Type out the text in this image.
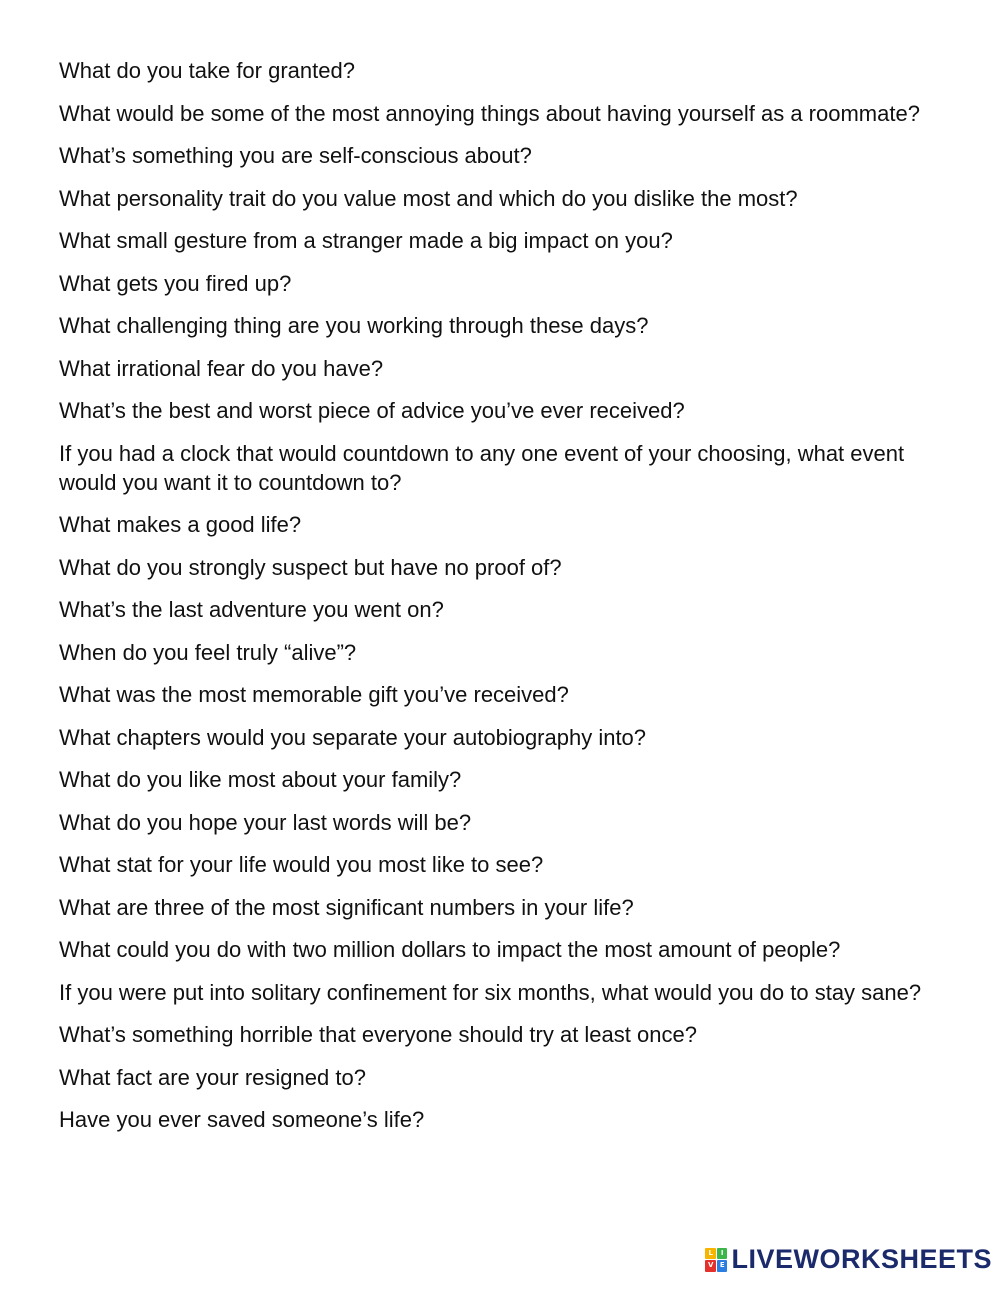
What do you take for granted?
What would be some of the most annoying things about having yourself as a roommate?
What’s something you are self-conscious about?
What personality trait do you value most and which do you dislike the most?
What small gesture from a stranger made a big impact on you?
What gets you fired up?
What challenging thing are you working through these days?
What irrational fear do you have?
What’s the best and worst piece of advice you’ve ever received?
If you had a clock that would countdown to any one event of your choosing, what event would you want it to countdown to?
What makes a good life?
What do you strongly suspect but have no proof of?
What’s the last adventure you went on?
When do you feel truly “alive”?
What was the most memorable gift you’ve received?
What chapters would you separate your autobiography into?
What do you like most about your family?
What do you hope your last words will be?
What stat for your life would you most like to see?
What are three of the most significant numbers in your life?
What could you do with two million dollars to impact the most amount of people?
If you were put into solitary confinement for six months, what would you do to stay sane?
What’s something horrible that everyone should try at least once?
What fact are your resigned to?
Have you ever saved someone’s life?
L	I
V E LIVEWORKSHEETS
